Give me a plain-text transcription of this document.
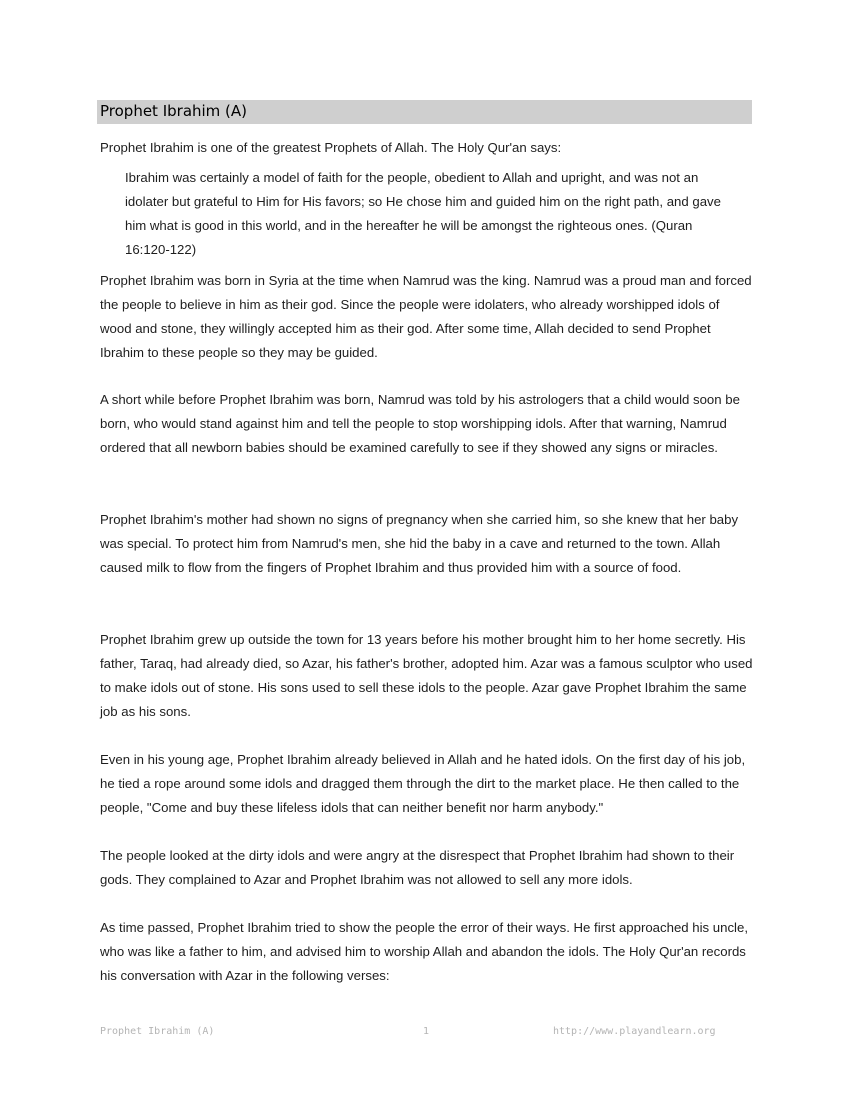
Prophet Ibrahim (A)
Prophet Ibrahim is one of the greatest Prophets of Allah. The Holy Qur'an says:
Ibrahim was certainly a model of faith for the people, obedient to Allah and upright, and was not an idolater but grateful to Him for His favors; so He chose him and guided him on the right path, and gave him what is good in this world, and in the hereafter he will be amongst the righteous ones. (Quran 16:120-122)
Prophet Ibrahim was born in Syria at the time when Namrud was the king. Namrud was a proud man and forced the people to believe in him as their god. Since the people were idolaters, who already worshipped idols of wood and stone, they willingly accepted him as their god. After some time, Allah decided to send Prophet Ibrahim to these people so they may be guided.
A short while before Prophet Ibrahim was born, Namrud was told by his astrologers that a child would soon be born, who would stand against him and tell the people to stop worshipping idols. After that warning, Namrud ordered that all newborn babies should be examined carefully to see if they showed any signs or miracles.
Prophet Ibrahim's mother had shown no signs of pregnancy when she carried him, so she knew that her baby was special. To protect him from Namrud's men, she hid the baby in a cave and returned to the town. Allah caused milk to flow from the fingers of Prophet Ibrahim and thus provided him with a source of food.
Prophet Ibrahim grew up outside the town for 13 years before his mother brought him to her home secretly. His father, Taraq, had already died, so Azar, his father's brother, adopted him. Azar was a famous sculptor who used to make idols out of stone. His sons used to sell these idols to the people. Azar gave Prophet Ibrahim the same job as his sons.
Even in his young age, Prophet Ibrahim already believed in Allah and he hated idols. On the first day of his job, he tied a rope around some idols and dragged them through the dirt to the market place. He then called to the people, "Come and buy these lifeless idols that can neither benefit nor harm anybody."
The people looked at the dirty idols and were angry at the disrespect that Prophet Ibrahim had shown to their gods. They complained to Azar and Prophet Ibrahim was not allowed to sell any more idols.
As time passed, Prophet Ibrahim tried to show the people the error of their ways. He first approached his uncle, who was like a father to him, and advised him to worship Allah and abandon the idols. The Holy Qur'an records his conversation with Azar in the following verses:
Prophet Ibrahim (A)	1	http://www.playandlearn.org
